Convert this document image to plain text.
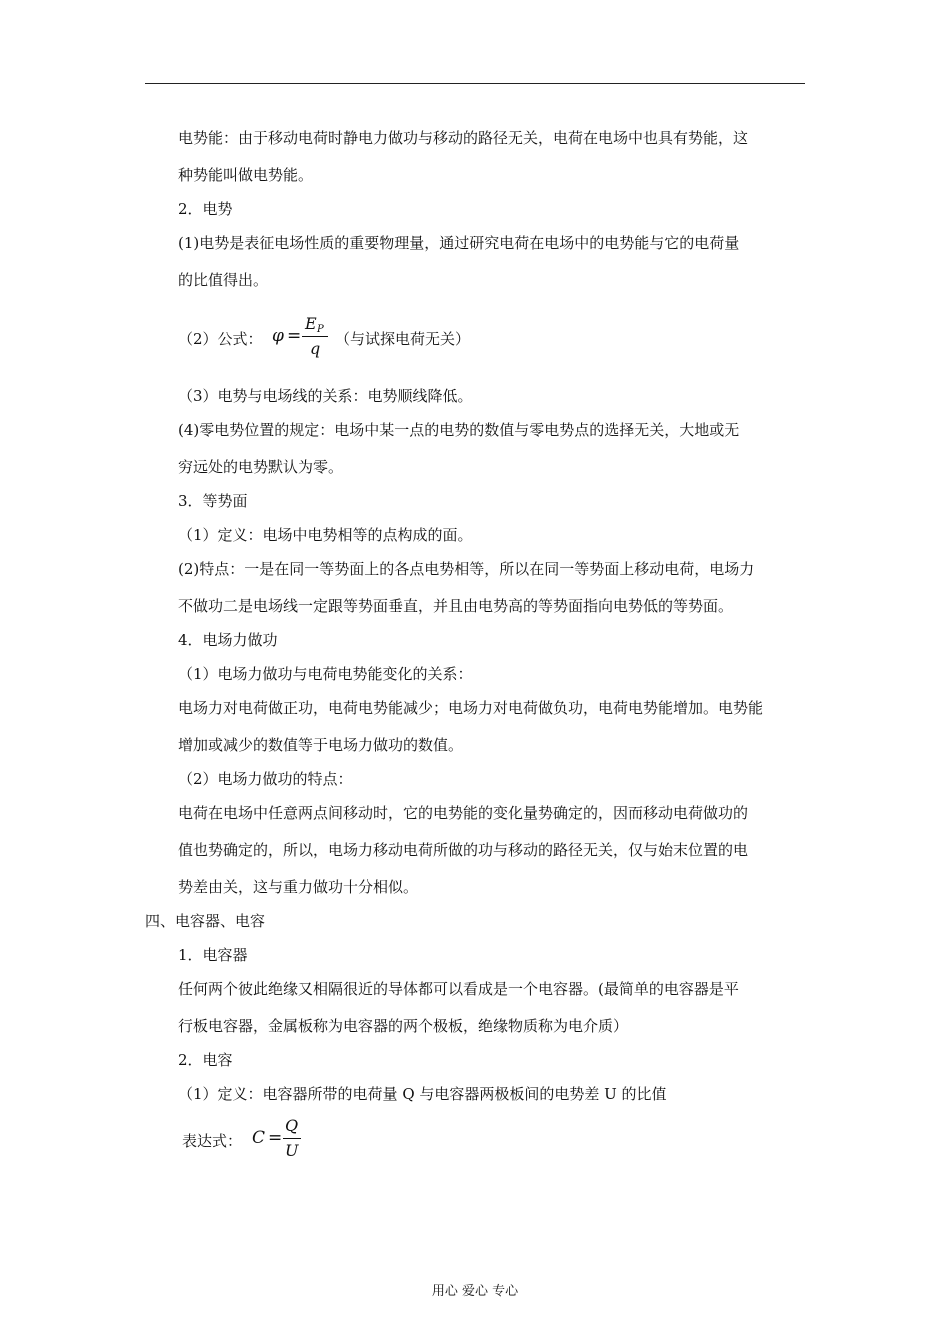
电势能：由于移动电荷时静电力做功与移动的路径无关，电荷在电场中也具有势能，这
种势能叫做电势能。
2．电势
(1)电势是表征电场性质的重要物理量，通过研究电荷在电场中的电势能与它的电荷量
的比值得出。
（2）公式： φ =
E P
q （与试探电荷无关）
（3）电势与电场线的关系：电势顺线降低。
(4)零电势位置的规定：电场中某一点的电势的数值与零电势点的选择无关，大地或无
穷远处的电势默认为零。
3．等势面
（1）定义：电场中电势相等的点构成的面。
(2)特点：一是在同一等势面上的各点电势相等，所以在同一等势面上移动电荷，电场力
不做功二是电场线一定跟等势面垂直，并且由电势高的等势面指向电势低的等势面。
4．电场力做功
（1）电场力做功与电荷电势能变化的关系：
电场力对电荷做正功，电荷电势能减少；电场力对电荷做负功，电荷电势能增加。电势能
增加或减少的数值等于电场力做功的数值。
（2）电场力做功的特点：
电荷在电场中任意两点间移动时，它的电势能的变化量势确定的，因而移动电荷做功的
值也势确定的，所以，电场力移动电荷所做的功与移动的路径无关，仅与始末位置的电
势差由关，这与重力做功十分相似。
四、电容器、电容
1．电容器
任何两个彼此绝缘又相隔很近的导体都可以看成是一个电容器。(最简单的电容器是平
行板电容器，金属板称为电容器的两个极板，绝缘物质称为电介质）
2．电容
（1）定义：电容器所带的电荷量 Q 与电容器两极板间的电势差 U 的比值
表达式： C =
Q
U
用心 爱心 专心
